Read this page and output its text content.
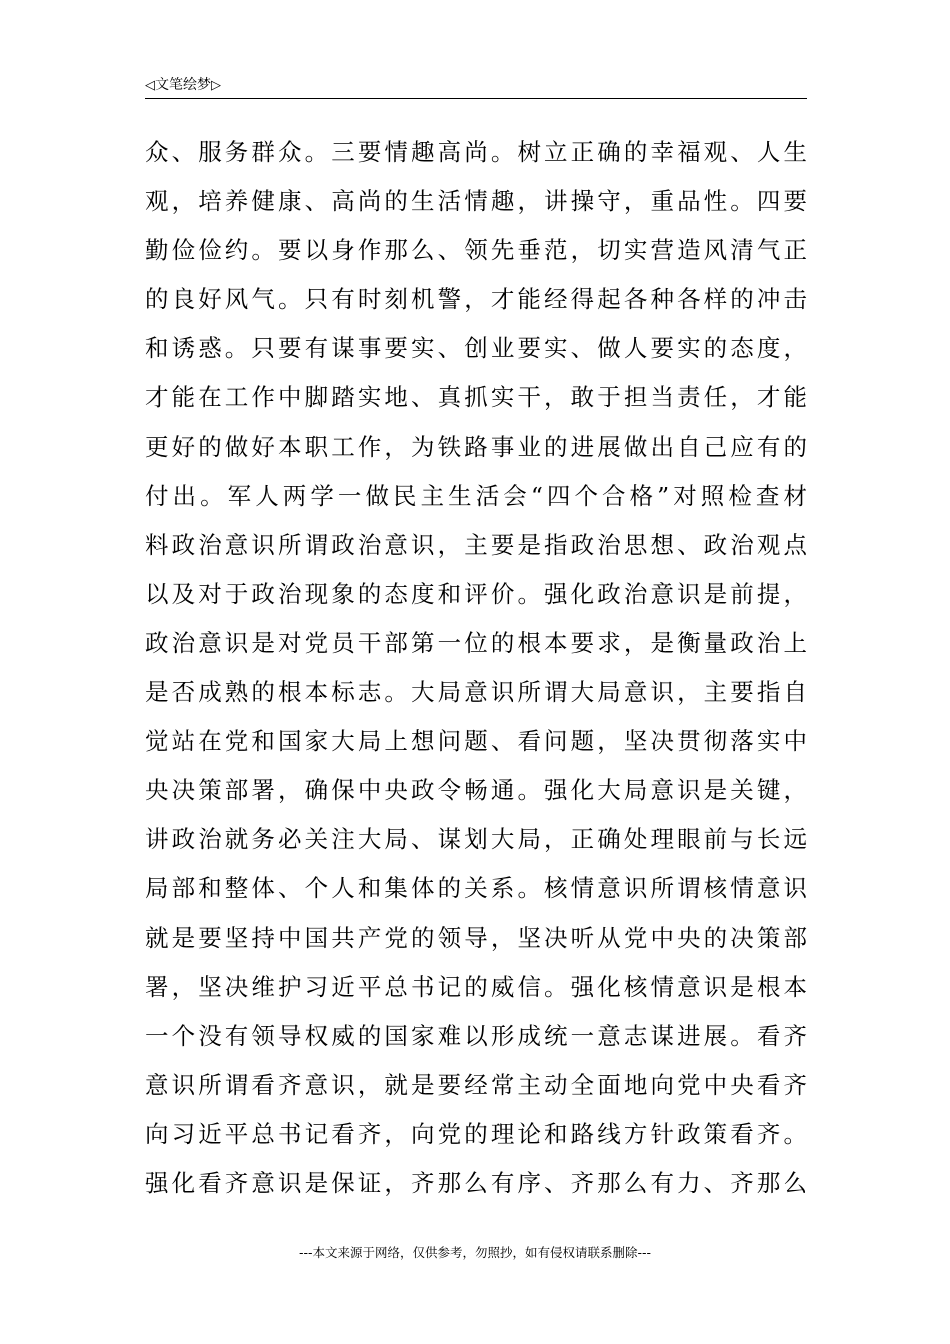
◁文笔绘梦▷
众、服务群众。三要情趣高尚。树立正确的幸福观、人生
观，培养健康、高尚的生活情趣，讲操守，重品性。四要
勤俭俭约。要以身作那么、领先垂范，切实营造风清气正
的良好风气。只有时刻机警，才能经得起各种各样的冲击
和诱惑。只要有谋事要实、创业要实、做人要实的态度，
才能在工作中脚踏实地、真抓实干，敢于担当责任，才能
更好的做好本职工作，为铁路事业的进展做出自己应有的
付出。军人两学一做民主生活会“四个合格”对照检查材
料政治意识所谓政治意识，主要是指政治思想、政治观点
以及对于政治现象的态度和评价。强化政治意识是前提，
政治意识是对党员干部第一位的根本要求，是衡量政治上
是否成熟的根本标志。大局意识所谓大局意识，主要指自
觉站在党和国家大局上想问题、看问题，坚决贯彻落实中
央决策部署，确保中央政令畅通。强化大局意识是关键，
讲政治就务必关注大局、谋划大局，正确处理眼前与长远
局部和整体、个人和集体的关系。核情意识所谓核情意识
就是要坚持中国共产党的领导，坚决听从党中央的决策部
署，坚决维护习近平总书记的威信。强化核情意识是根本
一个没有领导权威的国家难以形成统一意志谋进展。看齐
意识所谓看齐意识，就是要经常主动全面地向党中央看齐
向习近平总书记看齐，向党的理论和路线方针政策看齐。
强化看齐意识是保证，齐那么有序、齐那么有力、齐那么
---本文来源于网络，仅供参考，勿照抄，如有侵权请联系删除---
